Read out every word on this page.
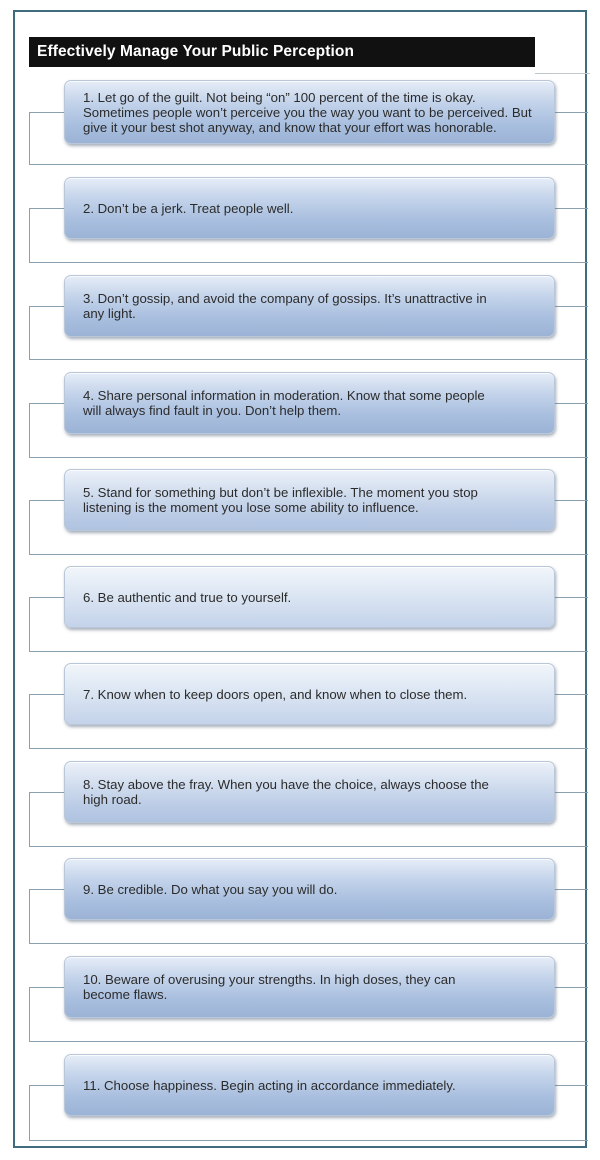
Effectively Manage Your Public Perception

1. Let go of the guilt. Not being “on” 100 percent of the time is okay. Sometimes people won’t perceive you the way you want to be perceived. But give it your best shot anyway, and know that your effort was honorable.

2. Don’t be a jerk. Treat people well.

3. Don’t gossip, and avoid the company of gossips. It’s unattractive in any light.

4. Share personal information in moderation. Know that some people will always find fault in you. Don’t help them.

5. Stand for something but don’t be inflexible. The moment you stop listening is the moment you lose some ability to influence.

6. Be authentic and true to yourself.

7. Know when to keep doors open, and know when to close them.

8. Stay above the fray. When you have the choice, always choose the high road.

9. Be credible. Do what you say you will do.

10. Beware of overusing your strengths. In high doses, they can become flaws.

11. Choose happiness. Begin acting in accordance immediately.
